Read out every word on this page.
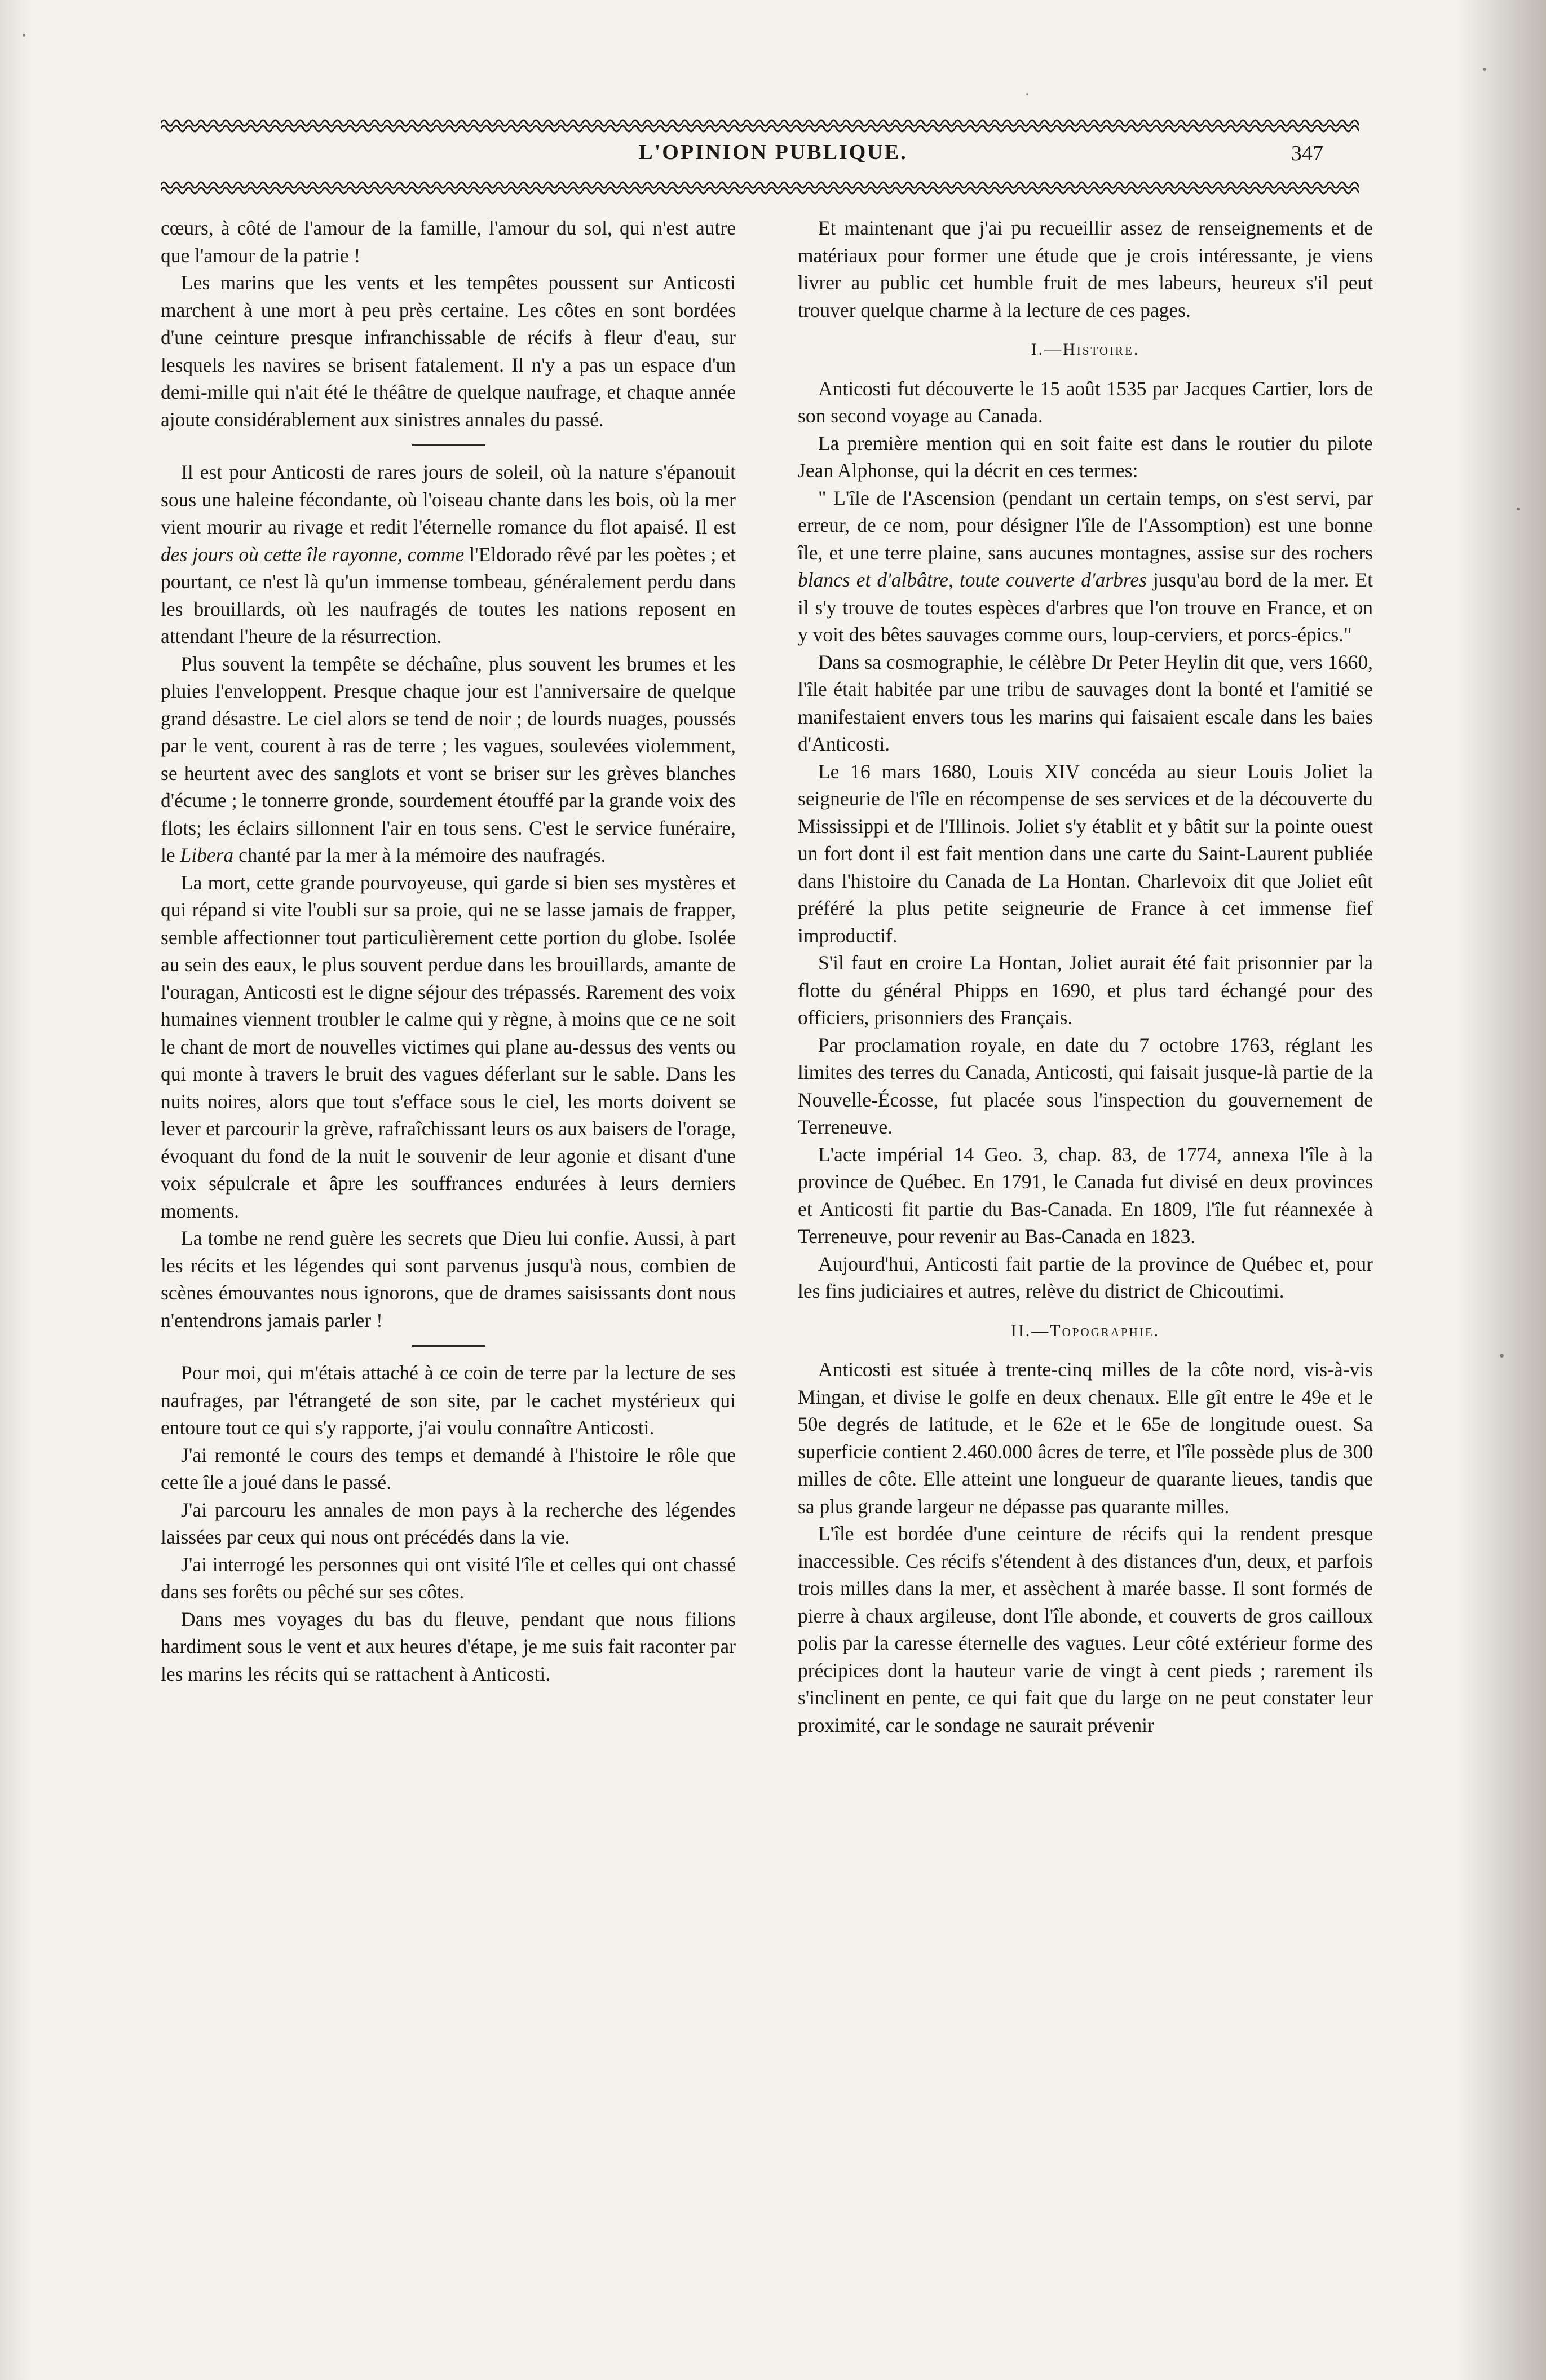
L'OPINION PUBLIQUE.	347

cœurs, à côté de l'amour de la famille, l'amour du sol, qui n'est autre que l'amour de la patrie !

Les marins que les vents et les tempêtes poussent sur Anticosti marchent à une mort à peu près certaine. Les côtes en sont bordées d'une ceinture presque infranchissable de récifs à fleur d'eau, sur lesquels les navires se brisent fatalement. Il n'y a pas un espace d'un demi-mille qui n'ait été le théâtre de quelque naufrage, et chaque année ajoute considérablement aux sinistres annales du passé.

Il est pour Anticosti de rares jours de soleil, où la nature s'épanouit sous une haleine fécondante, où l'oiseau chante dans les bois, où la mer vient mourir au rivage et redit l'éternelle romance du flot apaisé. Il est des jours où cette île rayonne, comme l'Eldorado rêvé par les poètes ; et pourtant, ce n'est là qu'un immense tombeau, généralement perdu dans les brouillards, où les naufragés de toutes les nations reposent en attendant l'heure de la résurrection.

Plus souvent la tempête se déchaîne, plus souvent les brumes et les pluies l'enveloppent. Presque chaque jour est l'anniversaire de quelque grand désastre. Le ciel alors se tend de noir ; de lourds nuages, poussés par le vent, courent à ras de terre ; les vagues, soulevées violemment, se heurtent avec des sanglots et vont se briser sur les grèves blanches d'écume ; le tonnerre gronde, sourdement étouffé par la grande voix des flots; les éclairs sillonnent l'air en tous sens. C'est le service funéraire, le Libera chanté par la mer à la mémoire des naufragés.

La mort, cette grande pourvoyeuse, qui garde si bien ses mystères et qui répand si vite l'oubli sur sa proie, qui ne se lasse jamais de frapper, semble affectionner tout particulièrement cette portion du globe. Isolée au sein des eaux, le plus souvent perdue dans les brouillards, amante de l'ouragan, Anticosti est le digne séjour des trépassés. Rarement des voix humaines viennent troubler le calme qui y règne, à moins que ce ne soit le chant de mort de nouvelles victimes qui plane au-dessus des vents ou qui monte à travers le bruit des vagues déferlant sur le sable. Dans les nuits noires, alors que tout s'efface sous le ciel, les morts doivent se lever et parcourir la grève, rafraîchissant leurs os aux baisers de l'orage, évoquant du fond de la nuit le souvenir de leur agonie et disant d'une voix sépulcrale et âpre les souffrances endurées à leurs derniers moments.

La tombe ne rend guère les secrets que Dieu lui confie. Aussi, à part les récits et les légendes qui sont parvenus jusqu'à nous, combien de scènes émouvantes nous ignorons, que de drames saisissants dont nous n'entendrons jamais parler !

Pour moi, qui m'étais attaché à ce coin de terre par la lecture de ses naufrages, par l'étrangeté de son site, par le cachet mystérieux qui entoure tout ce qui s'y rapporte, j'ai voulu connaître Anticosti.

J'ai remonté le cours des temps et demandé à l'histoire le rôle que cette île a joué dans le passé.

J'ai parcouru les annales de mon pays à la recherche des légendes laissées par ceux qui nous ont précédés dans la vie.

J'ai interrogé les personnes qui ont visité l'île et celles qui ont chassé dans ses forêts ou pêché sur ses côtes.

Dans mes voyages du bas du fleuve, pendant que nous filions hardiment sous le vent et aux heures d'étape, je me suis fait raconter par les marins les récits qui se rattachent à Anticosti.

Et maintenant que j'ai pu recueillir assez de renseignements et de matériaux pour former une étude que je crois intéressante, je viens livrer au public cet humble fruit de mes labeurs, heureux s'il peut trouver quelque charme à la lecture de ces pages.

I.—Histoire.

Anticosti fut découverte le 15 août 1535 par Jacques Cartier, lors de son second voyage au Canada.

La première mention qui en soit faite est dans le routier du pilote Jean Alphonse, qui la décrit en ces termes:

" L'île de l'Ascension (pendant un certain temps, on s'est servi, par erreur, de ce nom, pour désigner l'île de l'Assomption) est une bonne île, et une terre plaine, sans aucunes montagnes, assise sur des rochers blancs et d'albâtre, toute couverte d'arbres jusqu'au bord de la mer. Et il s'y trouve de toutes espèces d'arbres que l'on trouve en France, et on y voit des bêtes sauvages comme ours, loup-cerviers, et porcs-épics."

Dans sa cosmographie, le célèbre Dr Peter Heylin dit que, vers 1660, l'île était habitée par une tribu de sauvages dont la bonté et l'amitié se manifestaient envers tous les marins qui faisaient escale dans les baies d'Anticosti.

Le 16 mars 1680, Louis XIV concéda au sieur Louis Joliet la seigneurie de l'île en récompense de ses services et de la découverte du Mississippi et de l'Illinois. Joliet s'y établit et y bâtit sur la pointe ouest un fort dont il est fait mention dans une carte du Saint-Laurent publiée dans l'histoire du Canada de La Hontan. Charlevoix dit que Joliet eût préféré la plus petite seigneurie de France à cet immense fief improductif.

S'il faut en croire La Hontan, Joliet aurait été fait prisonnier par la flotte du général Phipps en 1690, et plus tard échangé pour des officiers, prisonniers des Français.

Par proclamation royale, en date du 7 octobre 1763, réglant les limites des terres du Canada, Anticosti, qui faisait jusque-là partie de la Nouvelle-Écosse, fut placée sous l'inspection du gouvernement de Terreneuve.

L'acte impérial 14 Geo. 3, chap. 83, de 1774, annexa l'île à la province de Québec. En 1791, le Canada fut divisé en deux provinces et Anticosti fit partie du Bas-Canada. En 1809, l'île fut réannexée à Terreneuve, pour revenir au Bas-Canada en 1823.

Aujourd'hui, Anticosti fait partie de la province de Québec et, pour les fins judiciaires et autres, relève du district de Chicoutimi.

II.—Topographie.

Anticosti est située à trente-cinq milles de la côte nord, vis-à-vis Mingan, et divise le golfe en deux chenaux. Elle gît entre le 49e et le 50e degrés de latitude, et le 62e et le 65e de longitude ouest. Sa superficie contient 2.460.000 âcres de terre, et l'île possède plus de 300 milles de côte. Elle atteint une longueur de quarante lieues, tandis que sa plus grande largeur ne dépasse pas quarante milles.

L'île est bordée d'une ceinture de récifs qui la rendent presque inaccessible. Ces récifs s'étendent à des distances d'un, deux, et parfois trois milles dans la mer, et assèchent à marée basse. Il sont formés de pierre à chaux argileuse, dont l'île abonde, et couverts de gros cailloux polis par la caresse éternelle des vagues. Leur côté extérieur forme des précipices dont la hauteur varie de vingt à cent pieds ; rarement ils s'inclinent en pente, ce qui fait que du large on ne peut constater leur proximité, car le sondage ne saurait prévenir
